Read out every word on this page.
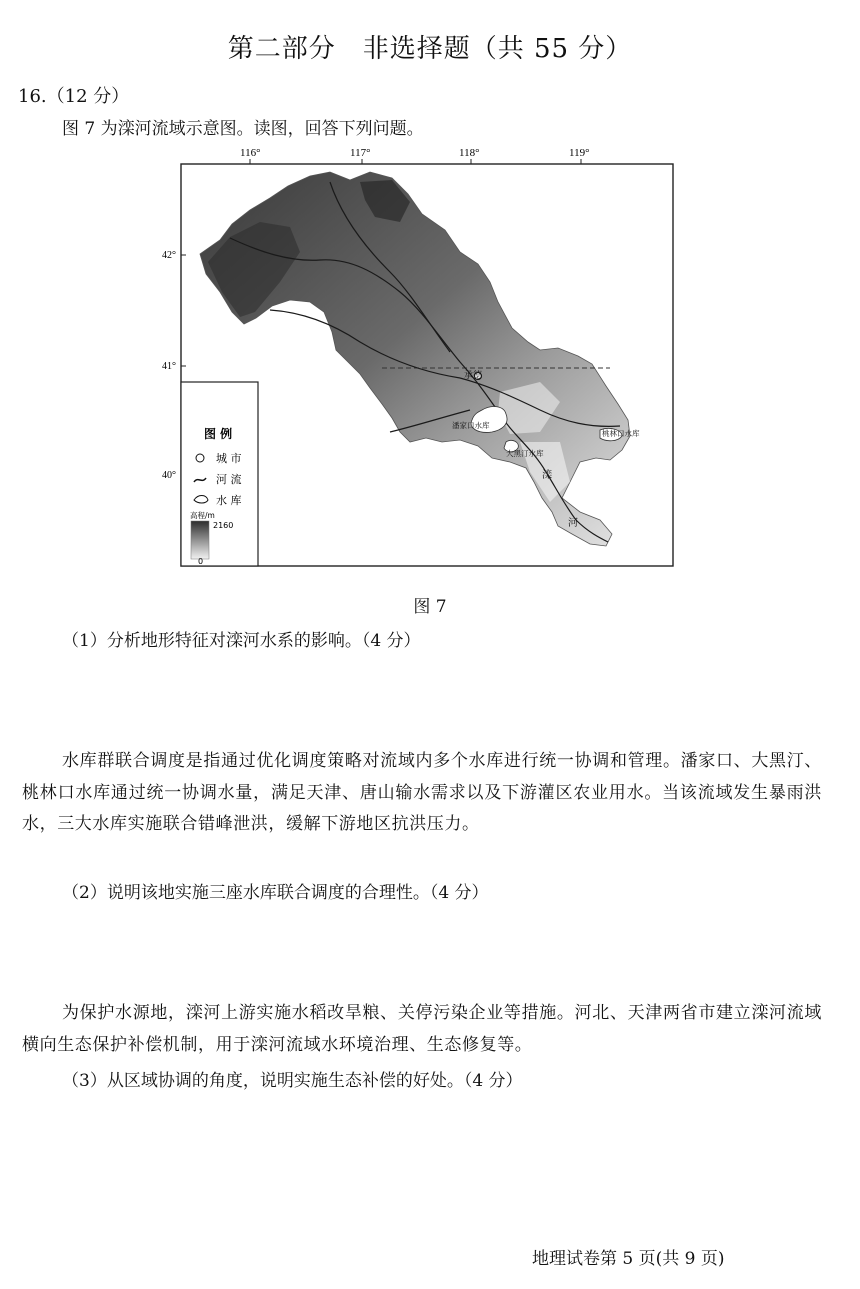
第二部分　非选择题（共 55 分）
16.（12 分）
图 7 为滦河流域示意图。读图，回答下列问题。
116°	117°	118°	119°
42°
41°
40°
承德
潘家口水库
大黑汀水库
桃林口水库
滦
河
图 例
城 市
河 流
水 库
高程/m
2160
0
图 7
（1）分析地形特征对滦河水系的影响。（4 分）
水库群联合调度是指通过优化调度策略对流域内多个水库进行统一协调和管理。潘家口、大黑汀、桃林口水库通过统一协调水量，满足天津、唐山输水需求以及下游灌区农业用水。当该流域发生暴雨洪水，三大水库实施联合错峰泄洪，缓解下游地区抗洪压力。
（2）说明该地实施三座水库联合调度的合理性。（4 分）
为保护水源地，滦河上游实施水稻改旱粮、关停污染企业等措施。河北、天津两省市建立滦河流域横向生态保护补偿机制，用于滦河流域水环境治理、生态修复等。
（3）从区域协调的角度，说明实施生态补偿的好处。（4 分）
地理试卷第 5 页(共 9 页)
